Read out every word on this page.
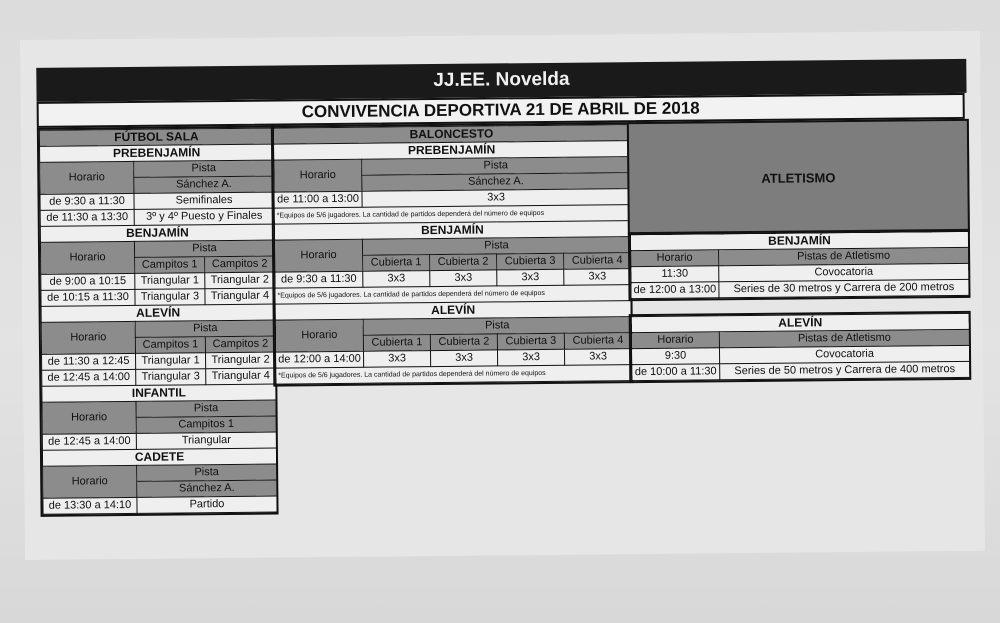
JJ.EE. Novelda
CONVIVENCIA DEPORTIVA 21 DE ABRIL DE 2018
FÚTBOL SALA		
PREBENJAMÍN		
Horario	Pista	
	Sánchez A.	
de 9:30 a 11:30	Semifinales	
de 11:30 a 13:30	3º y 4º Puesto y Finales	
BENJAMÍN		
Horario	Pista	
	Campitos 1	Campitos 2
de 9:00 a 10:15	Triangular 1	Triangular 2
de 10:15 a 11:30	Triangular 3	Triangular 4
ALEVÍN		
Horario	Pista	
	Campitos 1	Campitos 2
de 11:30 a 12:45	Triangular 1	Triangular 2
de 12:45 a 14:00	Triangular 3	Triangular 4
INFANTIL		
Horario	Pista	
	Campitos 1	
de 12:45 a 14:00	Triangular	
CADETE		
Horario	Pista	
	Sánchez A.	
de 13:30 a 14:10	Partido	
BALONCESTO				
PREBENJAMÍN				
Horario	Pista			
	Sánchez A.			
de 11:00 a 13:00	3x3			
*Equipos de 5/6 jugadores. La cantidad de partidos dependerá del número de equipos				
BENJAMÍN				
Horario	Pista			
	Cubierta 1	Cubierta 2	Cubierta 3	Cubierta 4
de 9:30 a 11:30	3x3	3x3	3x3	3x3
*Equipos de 5/6 jugadores. La cantidad de partidos dependerá del número de equipos				
ALEVÍN				
Horario	Pista			
	Cubierta 1	Cubierta 2	Cubierta 3	Cubierta 4
de 12:00 a 14:00	3x3	3x3	3x3	3x3
*Equipos de 5/6 jugadores. La cantidad de partidos dependerá del número de equipos				
ATLETISMO
BENJAMÍN	
Horario	Pistas de Atletismo
11:30	Covocatoria
de 12:00 a 13:00	Series de 30 metros y Carrera de 200 metros
ALEVÍN	
Horario	Pistas de Atletismo
9:30	Covocatoria
de 10:00 a 11:30	Series de 50 metros y Carrera de 400 metros
